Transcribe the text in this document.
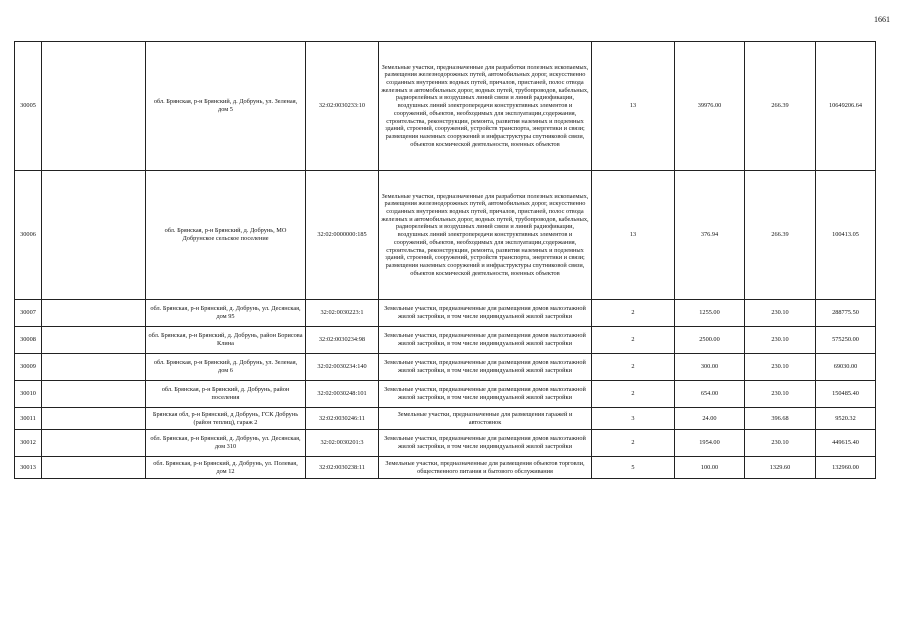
1661
30005		обл. Брянская, р-н Брянский, д. Добрунь, ул. Зеленая, дом 5	32:02:0030233:10	Земельные участки, предназначенные для разработки полезных ископаемых, размещения железнодорожных путей, автомобильных дорог, искусственно созданных внутренних водных путей, причалов, пристаней, полос отвода железных и автомобильных дорог, водных путей, трубопроводов, кабельных, радиорелейных и воздушных линий связи и линий радиофикации, воздушных линий электропередачи конструктивных элементов и сооружений, объектов, необходимых для эксплуатации,содержания, строительства, реконструкции, ремонта, развития наземных и подземных зданий, строений, сооружений, устройств транспорта, энергетики и связи; размещения наземных сооружений и инфраструктуры спутниковой связи, объектов космической деятельности, военных объектов	13	39976.00	266.39	10649206.64
30006		обл. Брянская, р-н Брянский, д. Добрунь, МО Добрунское сельское поселение	32:02:0000000:185	Земельные участки, предназначенные для разработки полезных ископаемых, размещения железнодорожных путей, автомобильных дорог, искусственно созданных внутренних водных путей, причалов, пристаней, полос отвода железных и автомобильных дорог, водных путей, трубопроводов, кабельных, радиорелейных и воздушных линий связи и линий радиофикации, воздушных линий электропередачи конструктивных элементов и сооружений, объектов, необходимых для эксплуатации,содержания, строительства, реконструкции, ремонта, развития наземных и подземных зданий, строений, сооружений, устройств транспорта, энергетики и связи; размещения наземных сооружений и инфраструктуры спутниковой связи, объектов космической деятельности, военных объектов	13	376.94	266.39	100413.05
30007		обл. Брянская, р-н Брянский, д. Добрунь, ул. Десянская, дом 95	32:02:0030223:1	Земельные участки, предназначенные для размещения домов малоэтажной жилой застройки, в том числе индивидуальной жилой застройки	2	1255.00	230.10	288775.50
30008		обл. Брянская, р-н Брянский, д. Добрунь, район Борисова Клина	32:02:0030234:98	Земельные участки, предназначенные для размещения домов малоэтажной жилой застройки, в том числе индивидуальной жилой застройки	2	2500.00	230.10	575250.00
30009		обл. Брянская, р-н Брянский, д. Добрунь, ул. Зеленая, дом 6	32:02:0030234:140	Земельные участки, предназначенные для размещения домов малоэтажной жилой застройки, в том числе индивидуальной жилой застройки	2	300.00	230.10	69030.00
30010		обл. Брянская, р-н Брянский, д. Добрунь, район поселения	32:02:0030248:101	Земельные участки, предназначенные для размещения домов малоэтажной жилой застройки, в том числе индивидуальной жилой застройки	2	654.00	230.10	150485.40
30011		Брянская обл, р-н Брянский, д Добрунь, ГСК Добрунь (район теплиц), гараж 2	32:02:0030246:11	Земельные участки, предназначенные для размещения гаражей и автостоянок	3	24.00	396.68	9520.32
30012		обл. Брянская, р-н Брянский, д. Добрунь, ул. Десянская, дом 310	32:02:0030201:3	Земельные участки, предназначенные для размещения домов малоэтажной жилой застройки, в том числе индивидуальной жилой застройки	2	1954.00	230.10	449615.40
30013		обл. Брянская, р-н Брянский, д. Добрунь, ул. Полевая, дом 12	32:02:0030238:11	Земельные участки, предназначенные для размещения объектов торговли, общественного питания и бытового обслуживания	5	100.00	1329.60	132960.00
